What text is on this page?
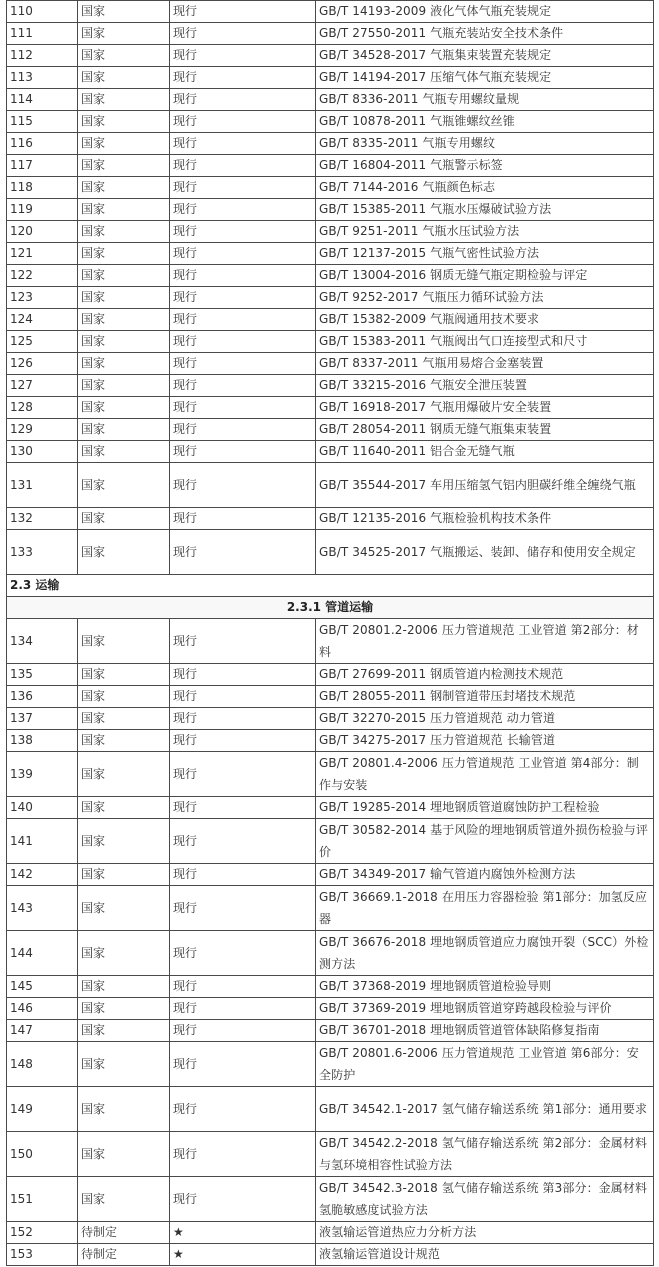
110	国家	现行	GB/T 14193-2009 液化气体气瓶充装规定
111	国家	现行	GB/T 27550-2011 气瓶充装站安全技术条件
112	国家	现行	GB/T 34528-2017 气瓶集束装置充装规定
113	国家	现行	GB/T 14194-2017 压缩气体气瓶充装规定
114	国家	现行	GB/T 8336-2011 气瓶专用螺纹量规
115	国家	现行	GB/T 10878-2011 气瓶锥螺纹丝锥
116	国家	现行	GB/T 8335-2011 气瓶专用螺纹
117	国家	现行	GB/T 16804-2011 气瓶警示标签
118	国家	现行	GB/T 7144-2016 气瓶颜色标志
119	国家	现行	GB/T 15385-2011 气瓶水压爆破试验方法
120	国家	现行	GB/T 9251-2011 气瓶水压试验方法
121	国家	现行	GB/T 12137-2015 气瓶气密性试验方法
122	国家	现行	GB/T 13004-2016 钢质无缝气瓶定期检验与评定
123	国家	现行	GB/T 9252-2017 气瓶压力循环试验方法
124	国家	现行	GB/T 15382-2009 气瓶阀通用技术要求
125	国家	现行	GB/T 15383-2011 气瓶阀出气口连接型式和尺寸
126	国家	现行	GB/T 8337-2011 气瓶用易熔合金塞装置
127	国家	现行	GB/T 33215-2016 气瓶安全泄压装置
128	国家	现行	GB/T 16918-2017 气瓶用爆破片安全装置
129	国家	现行	GB/T 28054-2011 钢质无缝气瓶集束装置
130	国家	现行	GB/T 11640-2011 铝合金无缝气瓶
131	国家	现行	GB/T 35544-2017 车用压缩氢气铝内胆碳纤维全缠绕气瓶
132	国家	现行	GB/T 12135-2016 气瓶检验机构技术条件
133	国家	现行	GB/T 34525-2017 气瓶搬运、装卸、储存和使用安全规定
2.3 运输			
2.3.1 管道运输			
134	国家	现行	GB/T 20801.2-2006 压力管道规范 工业管道 第2部分：材料
135	国家	现行	GB/T 27699-2011 钢质管道内检测技术规范
136	国家	现行	GB/T 28055-2011 钢制管道带压封堵技术规范
137	国家	现行	GB/T 32270-2015 压力管道规范 动力管道
138	国家	现行	GB/T 34275-2017 压力管道规范 长输管道
139	国家	现行	GB/T 20801.4-2006 压力管道规范 工业管道 第4部分：制作与安装
140	国家	现行	GB/T 19285-2014 埋地钢质管道腐蚀防护工程检验
141	国家	现行	GB/T 30582-2014 基于风险的埋地钢质管道外损伤检验与评价
142	国家	现行	GB/T 34349-2017 输气管道内腐蚀外检测方法
143	国家	现行	GB/T 36669.1-2018 在用压力容器检验 第1部分：加氢反应器
144	国家	现行	GB/T 36676-2018 埋地钢质管道应力腐蚀开裂（SCC）外检测方法
145	国家	现行	GB/T 37368-2019 埋地钢质管道检验导则
146	国家	现行	GB/T 37369-2019 埋地钢质管道穿跨越段检验与评价
147	国家	现行	GB/T 36701-2018 埋地钢质管道管体缺陷修复指南
148	国家	现行	GB/T 20801.6-2006 压力管道规范 工业管道 第6部分：安全防护
149	国家	现行	GB/T 34542.1-2017 氢气储存输送系统 第1部分：通用要求
150	国家	现行	GB/T 34542.2-2018 氢气储存输送系统 第2部分：金属材料与氢环境相容性试验方法
151	国家	现行	GB/T 34542.3-2018 氢气储存输送系统 第3部分：金属材料氢脆敏感度试验方法
152	待制定	★	液氢输运管道热应力分析方法
153	待制定	★	液氢输运管道设计规范
